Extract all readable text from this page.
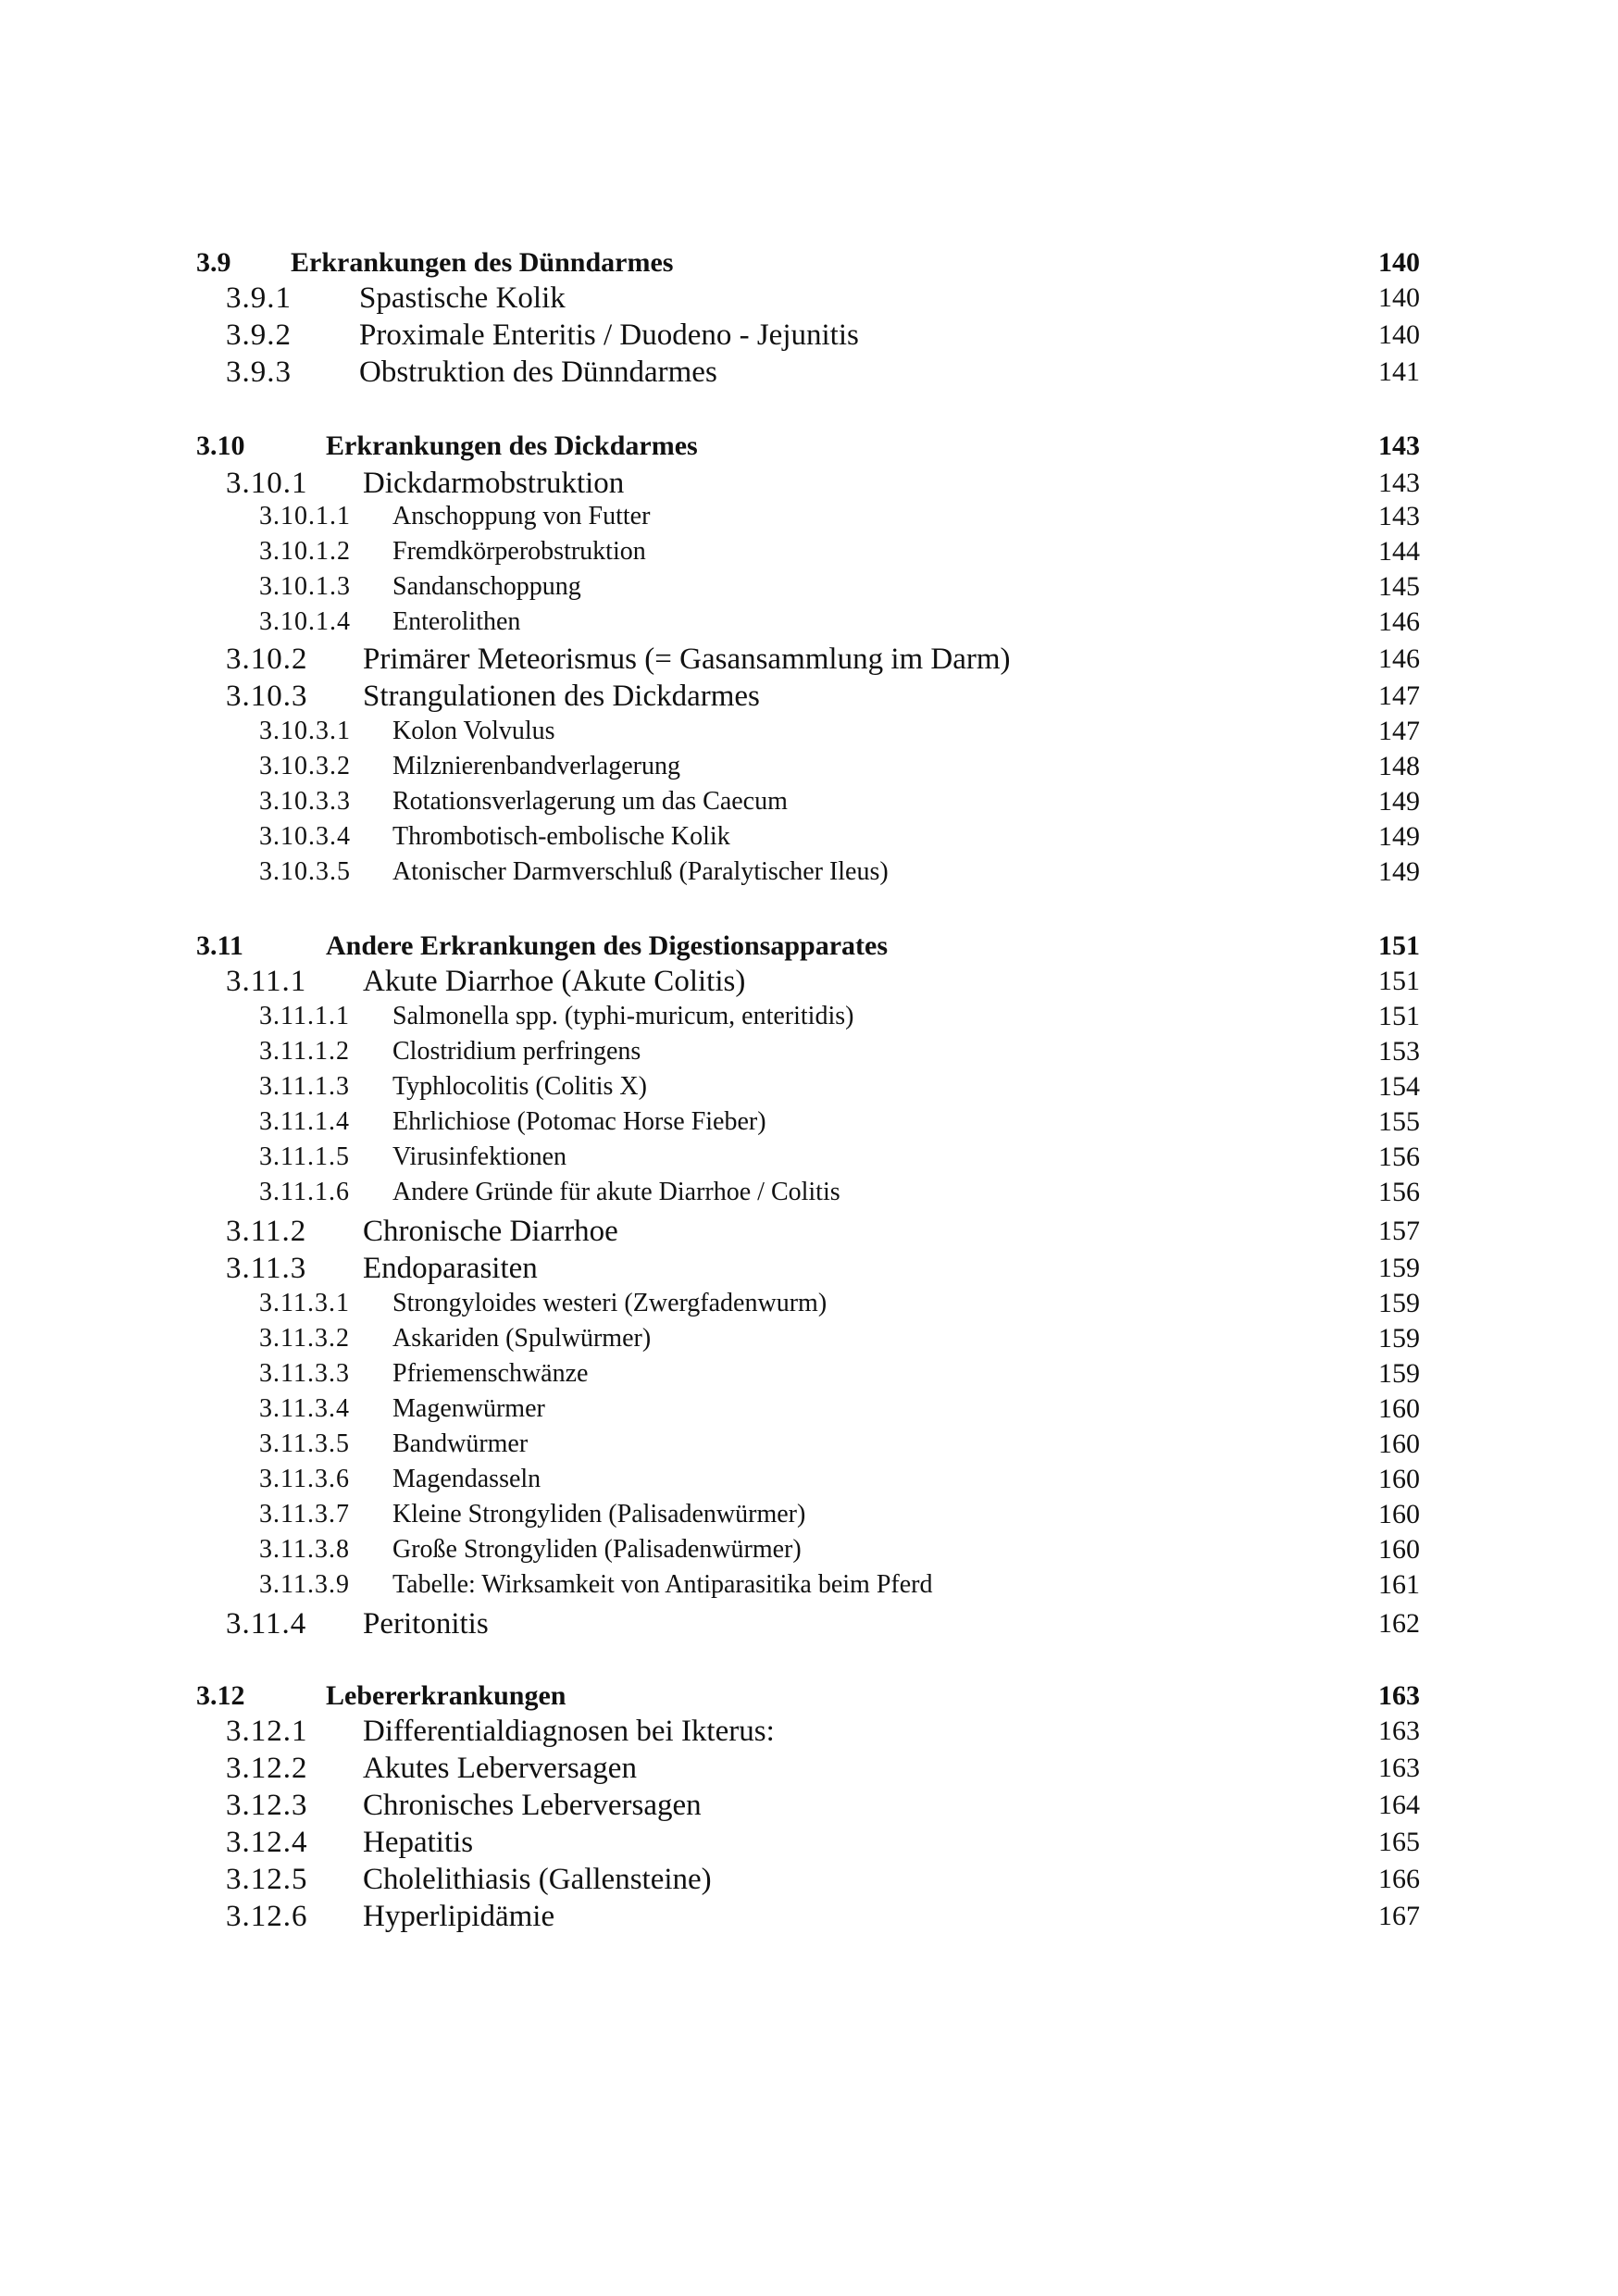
3.9 Erkrankungen des Dünndarmes	140
3.9.1 Spastische Kolik	140
3.9.2 Proximale Enteritis / Duodeno - Jejunitis	140
3.9.3 Obstruktion des Dünndarmes	141
3.10	Erkrankungen des Dickdarmes	143
3.10.1 Dickdarmobstruktion	143
3.10.1.1 Anschoppung von Futter	143
3.10.1.2 Fremdkörperobstruktion	144
3.10.1.3 Sandanschoppung	145
3.10.1.4 Enterolithen	146
3.10.2 Primärer Meteorismus (= Gasansammlung im Darm)	146
3.10.3 Strangulationen des Dickdarmes	147
3.10.3.1 Kolon Volvulus	147
3.10.3.2 Milznierenbandverlagerung	148
3.10.3.3 Rotationsverlagerung um das Caecum	149
3.10.3.4 Thrombotisch-embolische Kolik	149
3.10.3.5 Atonischer Darmverschluß (Paralytischer Ileus)	149
3.11	Andere Erkrankungen des Digestionsapparates	151
3.11.1 Akute Diarrhoe (Akute Colitis)	151
3.11.1.1 Salmonella spp. (typhi-muricum, enteritidis)	151
3.11.1.2 Clostridium perfringens	153
3.11.1.3 Typhlocolitis (Colitis X)	154
3.11.1.4 Ehrlichiose (Potomac Horse Fieber)	155
3.11.1.5 Virusinfektionen	156
3.11.1.6 Andere Gründe für akute Diarrhoe / Colitis	156
3.11.2 Chronische Diarrhoe	157
3.11.3 Endoparasiten	159
3.11.3.1 Strongyloides westeri (Zwergfadenwurm)	159
3.11.3.2 Askariden (Spulwürmer)	159
3.11.3.3 Pfriemenschwänze	159
3.11.3.4 Magenwürmer	160
3.11.3.5 Bandwürmer	160
3.11.3.6 Magendasseln	160
3.11.3.7 Kleine Strongyliden (Palisadenwürmer)	160
3.11.3.8 Große Strongyliden (Palisadenwürmer)	160
3.11.3.9 Tabelle: Wirksamkeit von Antiparasitika beim Pferd	161
3.11.4 Peritonitis	162
3.12	Lebererkrankungen	163
3.12.1 Differentialdiagnosen bei Ikterus:	163
3.12.2 Akutes Leberversagen	163
3.12.3 Chronisches Leberversagen	164
3.12.4 Hepatitis	165
3.12.5 Cholelithiasis (Gallensteine)	166
3.12.6 Hyperlipidämie	167
